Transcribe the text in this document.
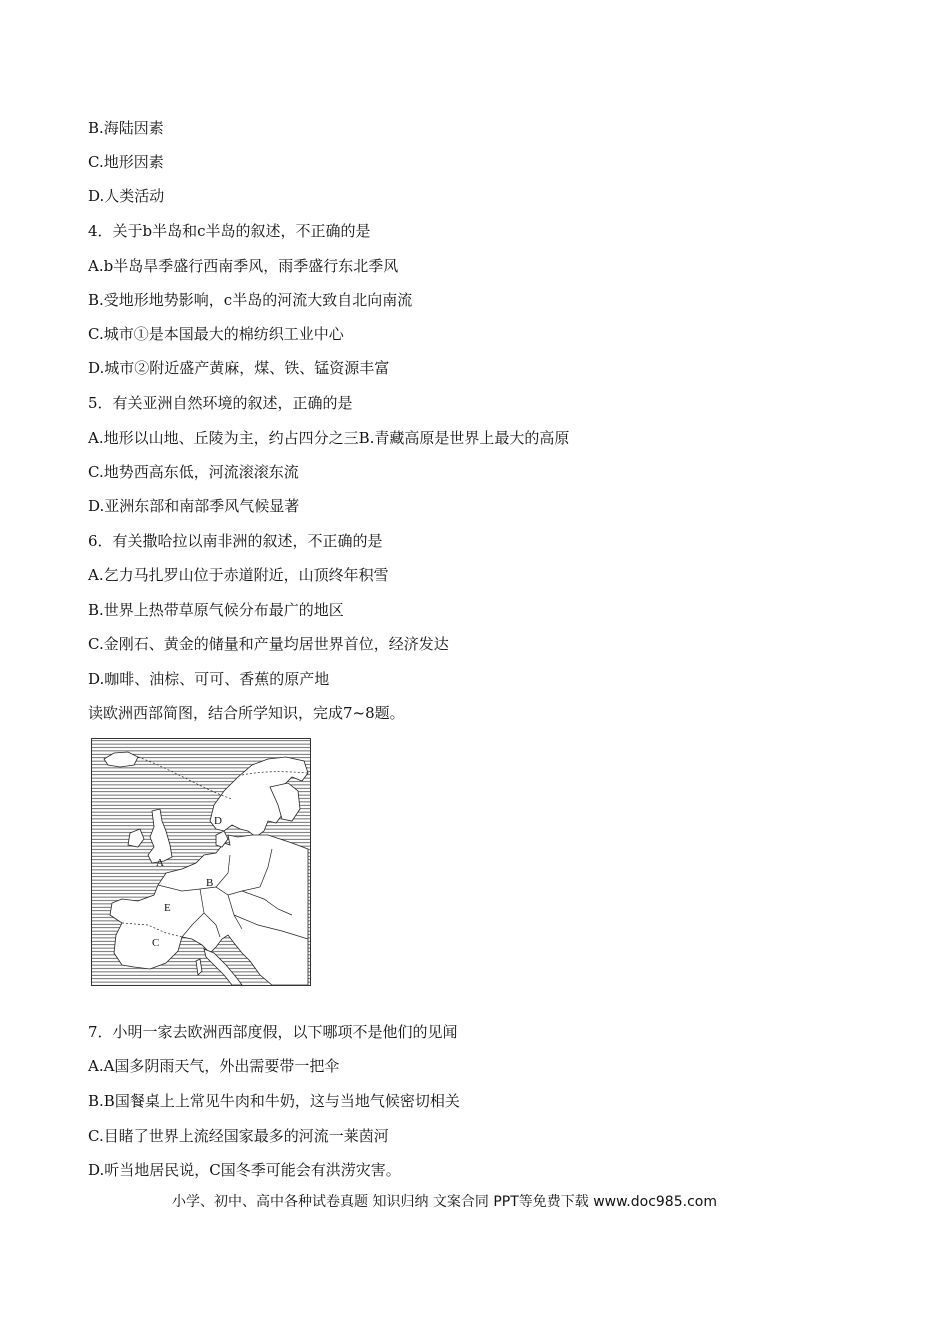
B.海陆因素
C.地形因素
D.人类活动
4．关于b半岛和c半岛的叙述，不正确的是
A.b半岛旱季盛行西南季风，雨季盛行东北季风
B.受地形地势影响，c半岛的河流大致自北向南流
C.城市①是本国最大的棉纺织工业中心
D.城市②附近盛产黄麻，煤、铁、锰资源丰富
5．有关亚洲自然环境的叙述，正确的是
A.地形以山地、丘陵为主，约占四分之三B.青藏高原是世界上最大的高原
C.地势西高东低，河流滚滚东流
D.亚洲东部和南部季风气候显著
6．有关撒哈拉以南非洲的叙述，不正确的是
A.乞力马扎罗山位于赤道附近，山顶终年积雪
B.世界上热带草原气候分布最广的地区
C.金刚石、黄金的储量和产量均居世界首位，经济发达
D.咖啡、油棕、可可、香蕉的原产地
读欧洲西部简图，结合所学知识，完成7~8题。
A
B
D
E
C
7．小明一家去欧洲西部度假，以下哪项不是他们的见闻
A.A国多阴雨天气，外出需要带一把伞
B.B国餐桌上上常见牛肉和牛奶，这与当地气候密切相关
C.目睹了世界上流经国家最多的河流一莱茵河
D.听当地居民说，C国冬季可能会有洪涝灾害。
小学、初中、高中各种试卷真题 知识归纳 文案合同 PPT等免费下载 www.doc985.com
